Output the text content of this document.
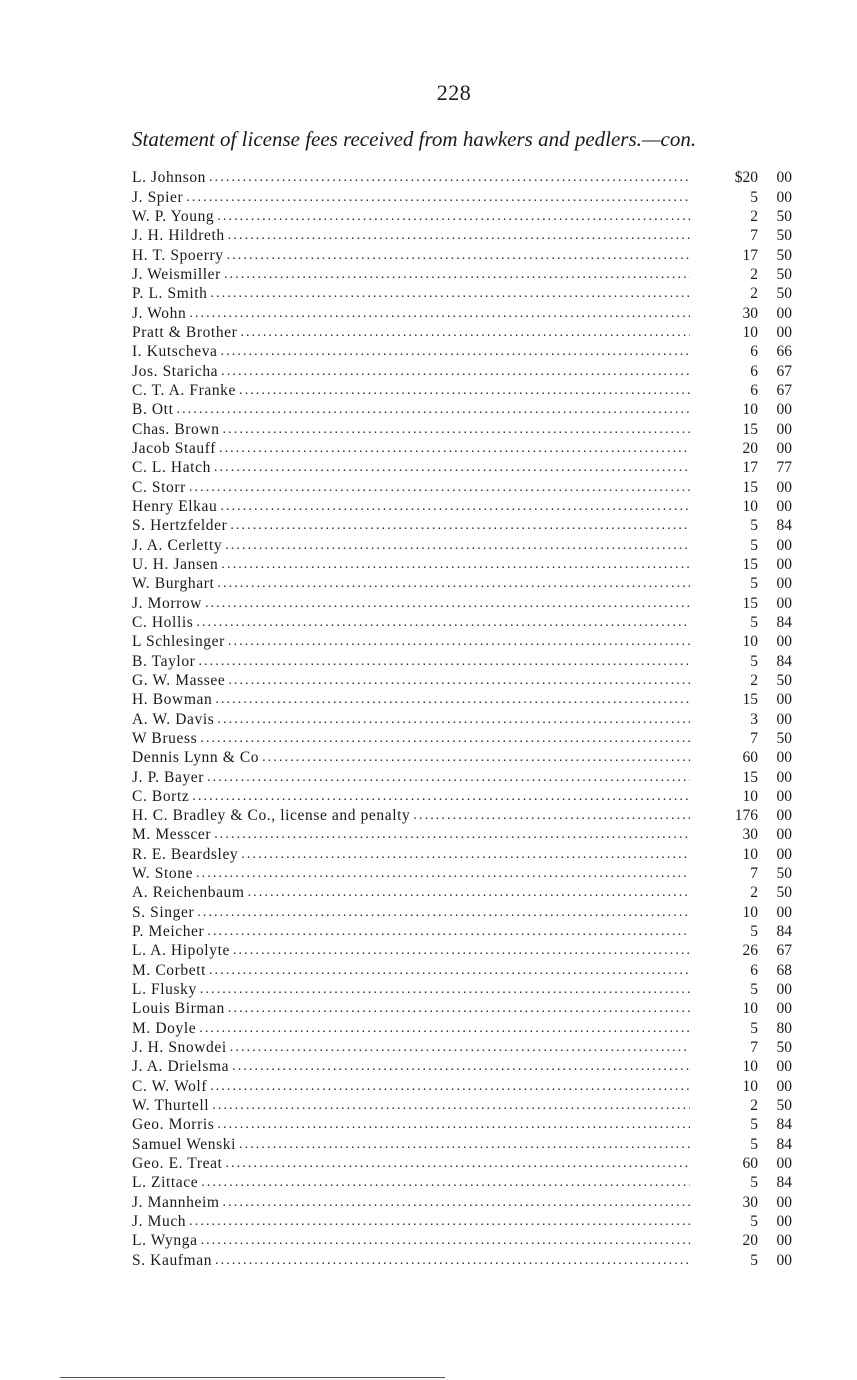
228
Statement of license fees received from hawkers and pedlers.—con.
L. Johnson .....	$20	00
J. Spier .....	5	00
W. P. Young .....	2	50
J. H. Hildreth .....	7	50
H. T. Spoerry .....	17	50
J. Weismiller .....	2	50
P. L. Smith .....	2	50
J. Wohn .....	30	00
Pratt & Brother .....	10	00
I. Kutscheva .....	6	66
Jos. Staricha .....	6	67
C. T. A. Franke .....	6	67
B. Ott .....	10	00
Chas. Brown .....	15	00
Jacob Stauff .....	20	00
C. L. Hatch .....	17	77
C. Storr .....	15	00
Henry Elkau .....	10	00
S. Hertzfelder .....	5	84
J. A. Cerletty .....	5	00
U. H. Jansen .....	15	00
W. Burghart .....	5	00
J. Morrow .....	15	00
C. Hollis .....	5	84
L Schlesinger .....	10	00
B. Taylor .....	5	84
G. W. Massee .....	2	50
H. Bowman .....	15	00
A. W. Davis .....	3	00
W Bruess .....	7	50
Dennis Lynn & Co .....	60	00
J. P. Bayer .....	15	00
C. Bortz .....	10	00
H. C. Bradley & Co., license and penalty .....	176	00
M. Messcer .....	30	00
R. E. Beardsley .....	10	00
W. Stone .....	7	50
A. Reichenbaum .....	2	50
S. Singer .....	10	00
P. Meicher .....	5	84
L. A. Hipolyte .....	26	67
M. Corbett .....	6	68
L. Flusky .....	5	00
Louis Birman .....	10	00
M. Doyle .....	5	80
J. H. Snowdei .....	7	50
J. A. Drielsma .....	10	00
C. W. Wolf .....	10	00
W. Thurtell .....	2	50
Geo. Morris .....	5	84
Samuel Wenski .....	5	84
Geo. E. Treat .....	60	00
L. Zittace .....	5	84
J. Mannheim .....	30	00
J. Much .....	5	00
L. Wynga .....	20	00
S. Kaufman .....	5	00
